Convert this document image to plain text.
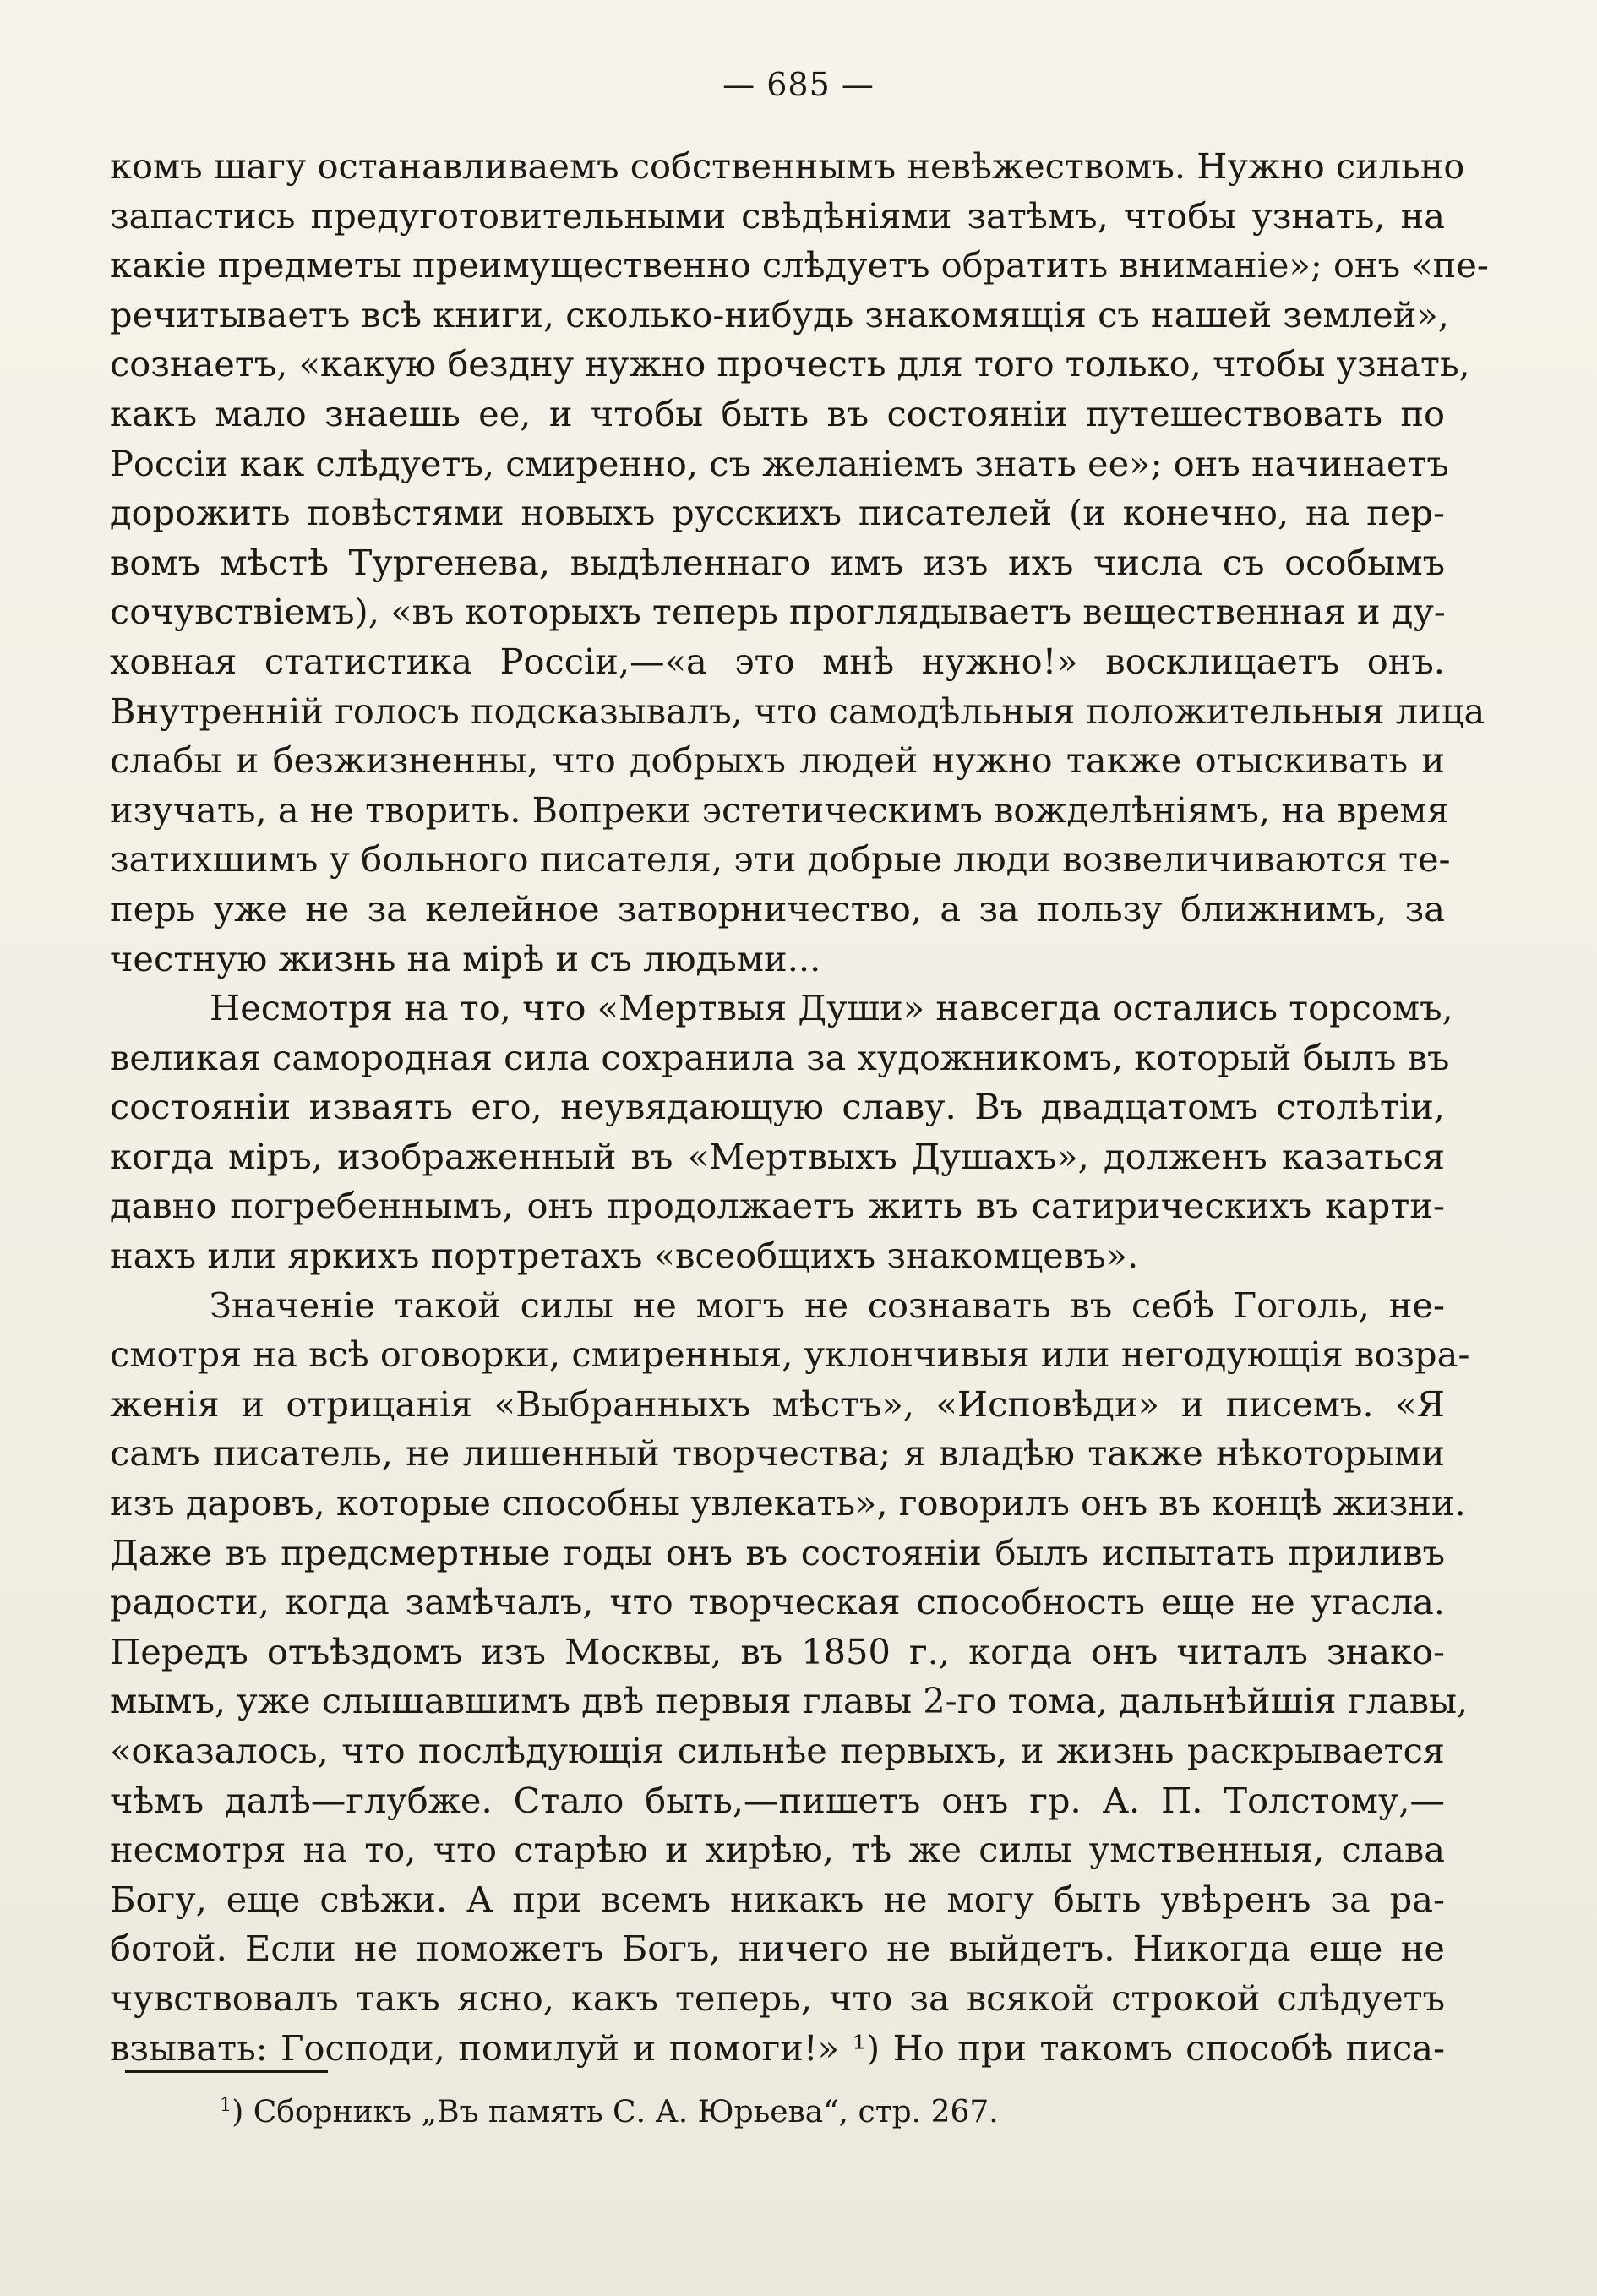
— 685 —
комъ шагу останавливаемъ собственнымъ невѣжествомъ. Нужно сильно
запастись предуготовительными свѣдѣніями затѣмъ, чтобы узнать, на
какіе предметы преимущественно слѣдуетъ обратить вниманіе»; онъ «пе-
речитываетъ всѣ книги, сколько-нибудь знакомящія съ нашей землей»,
сознаетъ, «какую бездну нужно прочесть для того только, чтобы узнать,
какъ мало знаешь ее, и чтобы быть въ состояніи путешествовать по
Россіи как слѣдуетъ, смиренно, съ желаніемъ знать ее»; онъ начинаетъ
дорожить повѣстями новыхъ русскихъ писателей (и конечно, на пер-
вомъ мѣстѣ Тургенева, выдѣленнаго имъ изъ ихъ числа съ особымъ
сочувствіемъ), «въ которыхъ теперь проглядываетъ вещественная и ду-
ховная статистика Россіи,—«а это мнѣ нужно!» восклицаетъ онъ.
Внутренній голосъ подсказывалъ, что самодѣльныя положительныя лица
слабы и безжизненны, что добрыхъ людей нужно также отыскивать и
изучать, а не творить. Вопреки эстетическимъ вожделѣніямъ, на время
затихшимъ у больного писателя, эти добрые люди возвеличиваются те-
перь уже не за келейное затворничество, а за пользу ближнимъ, за
честную жизнь на мірѣ и съ людьми...
Несмотря на то, что «Мертвыя Души» навсегда остались торсомъ,
великая самородная сила сохранила за художникомъ, который былъ въ
состояніи изваять его, неувядающую славу. Въ двадцатомъ столѣтіи,
когда міръ, изображенный въ «Мертвыхъ Душахъ», долженъ казаться
давно погребеннымъ, онъ продолжаетъ жить въ сатирическихъ карти-
нахъ или яркихъ портретахъ «всеобщихъ знакомцевъ».
Значеніе такой силы не могъ не сознавать въ себѣ Гоголь, не-
смотря на всѣ оговорки, смиренныя, уклончивыя или негодующія возра-
женія и отрицанія «Выбранныхъ мѣстъ», «Исповѣди» и писемъ. «Я
самъ писатель, не лишенный творчества; я владѣю также нѣкоторыми
изъ даровъ, которые способны увлекать», говорилъ онъ въ концѣ жизни.
Даже въ предсмертные годы онъ въ состояніи былъ испытать приливъ
радости, когда замѣчалъ, что творческая способность еще не угасла.
Передъ отъѣздомъ изъ Москвы, въ 1850 г., когда онъ читалъ знако-
мымъ, уже слышавшимъ двѣ первыя главы 2-го тома, дальнѣйшія главы,
«оказалось, что послѣдующія сильнѣе первыхъ, и жизнь раскрывается
чѣмъ далѣ—глубже. Стало быть,—пишетъ онъ гр. А. П. Толстому,—
несмотря на то, что старѣю и хирѣю, тѣ же силы умственныя, слава
Богу, еще свѣжи. А при всемъ никакъ не могу быть увѣренъ за ра-
ботой. Если не поможетъ Богъ, ничего не выйдетъ. Никогда еще не
чувствовалъ такъ ясно, какъ теперь, что за всякой строкой слѣдуетъ
взывать: Господи, помилуй и помоги!» ¹) Но при такомъ способѣ писа-
$^1$) Сборникъ „Въ память С. А. Юрьева“, стр. 267.
